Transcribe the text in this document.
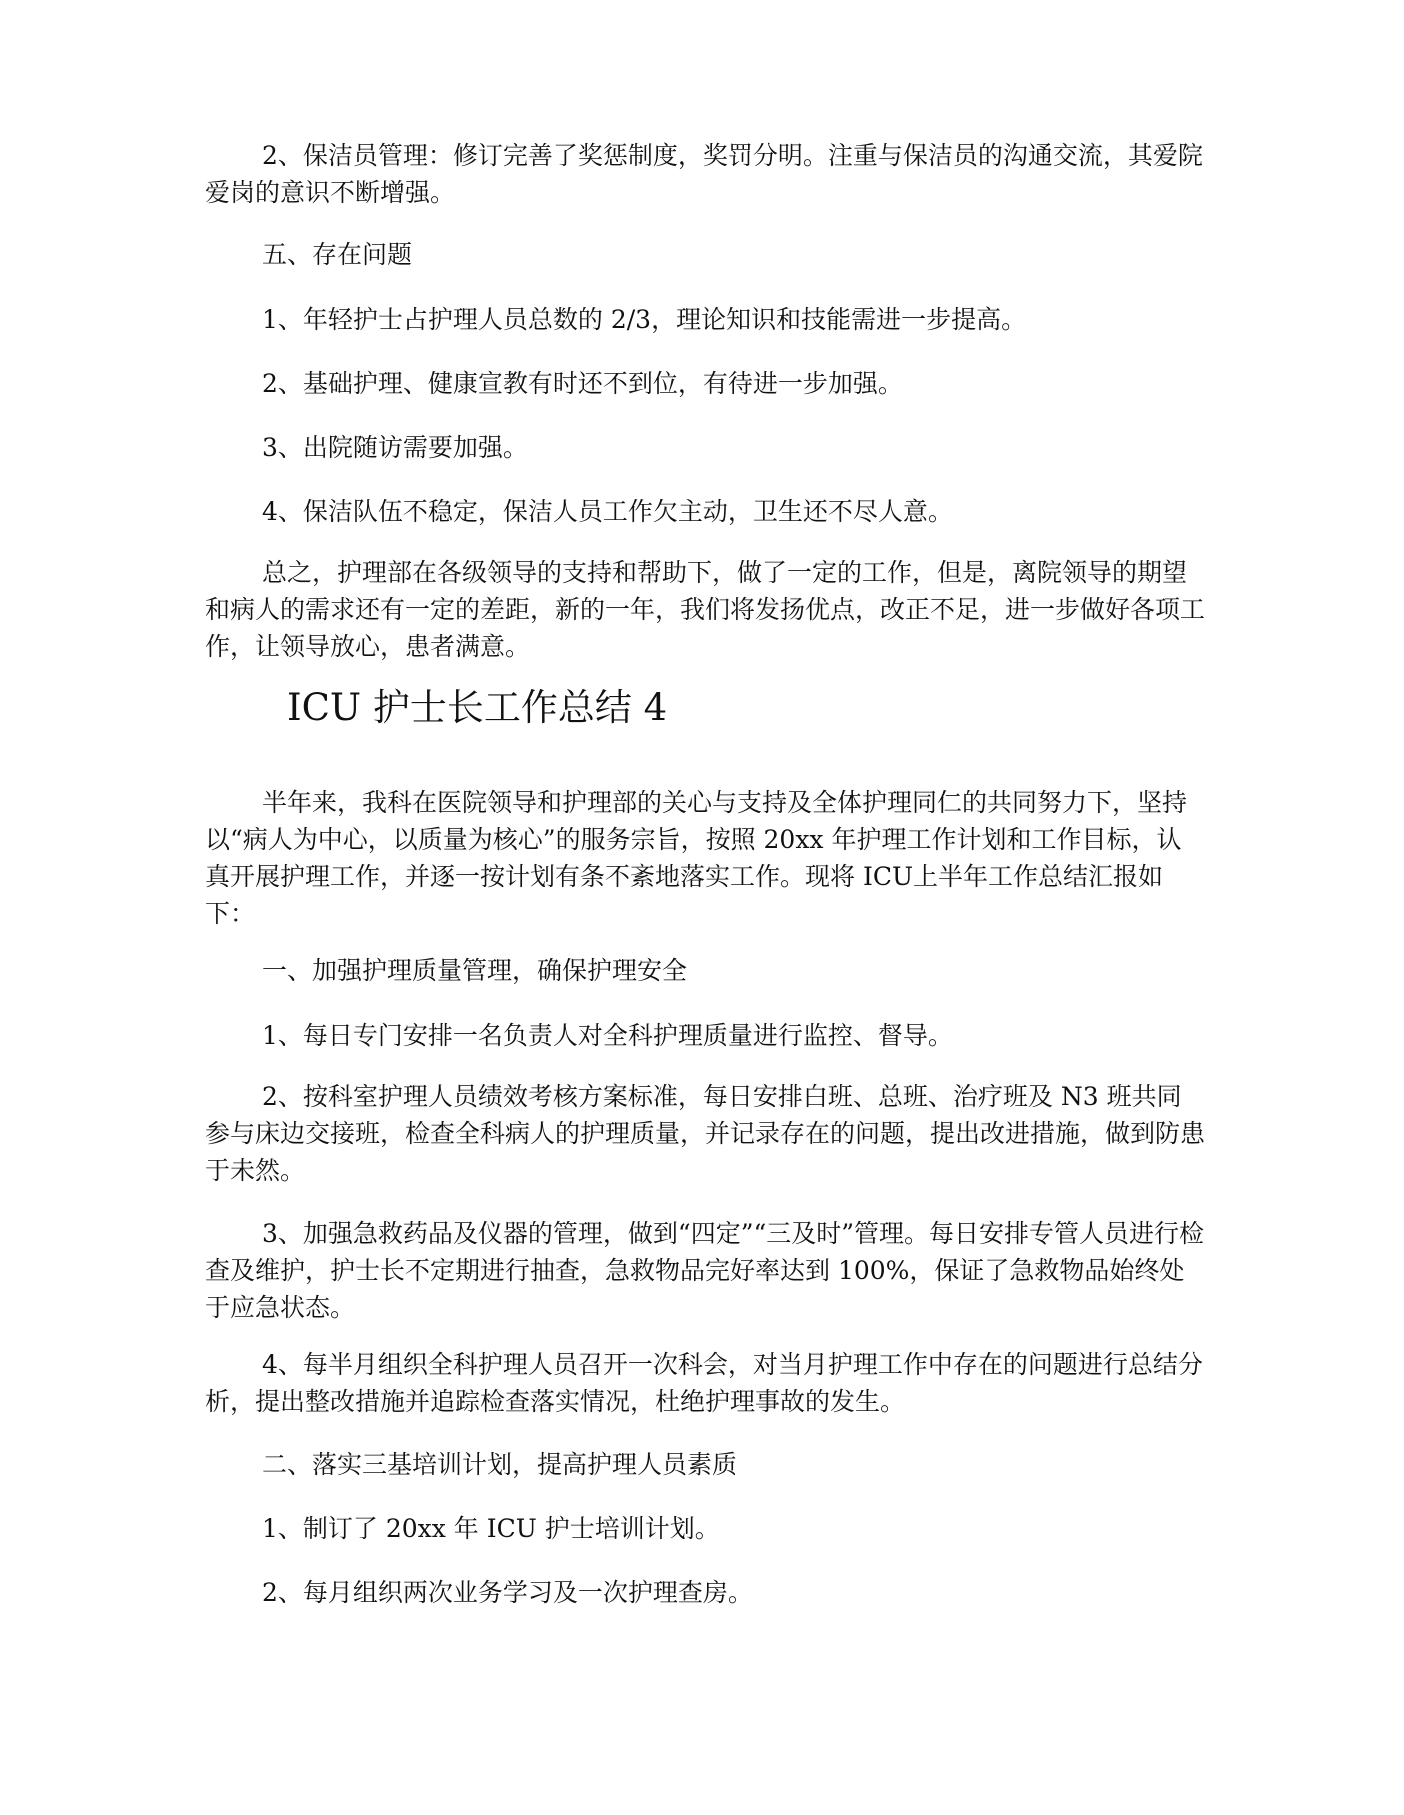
2、保洁员管理：修订完善了奖惩制度，奖罚分明。注重与保洁员的沟通交流，其爱院爱岗的意识不断增强。

五、存在问题

1、年轻护士占护理人员总数的 2/3，理论知识和技能需进一步提高。

2、基础护理、健康宣教有时还不到位，有待进一步加强。

3、出院随访需要加强。

4、保洁队伍不稳定，保洁人员工作欠主动，卫生还不尽人意。

总之，护理部在各级领导的支持和帮助下，做了一定的工作，但是，离院领导的期望和病人的需求还有一定的差距，新的一年，我们将发扬优点，改正不足，进一步做好各项工作，让领导放心，患者满意。

ICU 护士长工作总结 4

半年来，我科在医院领导和护理部的关心与支持及全体护理同仁的共同努力下，坚持以“病人为中心，以质量为核心”的服务宗旨，按照 20xx 年护理工作计划和工作目标，认真开展护理工作，并逐一按计划有条不紊地落实工作。现将 ICU上半年工作总结汇报如下：

一、加强护理质量管理，确保护理安全

1、每日专门安排一名负责人对全科护理质量进行监控、督导。

2、按科室护理人员绩效考核方案标准，每日安排白班、总班、治疗班及 N3 班共同参与床边交接班，检查全科病人的护理质量，并记录存在的问题，提出改进措施，做到防患于未然。

3、加强急救药品及仪器的管理，做到“四定”“三及时”管理。每日安排专管人员进行检查及维护，护士长不定期进行抽查，急救物品完好率达到 100%，保证了急救物品始终处于应急状态。

4、每半月组织全科护理人员召开一次科会，对当月护理工作中存在的问题进行总结分析，提出整改措施并追踪检查落实情况，杜绝护理事故的发生。

二、落实三基培训计划，提高护理人员素质

1、制订了 20xx 年 ICU 护士培训计划。

2、每月组织两次业务学习及一次护理查房。
